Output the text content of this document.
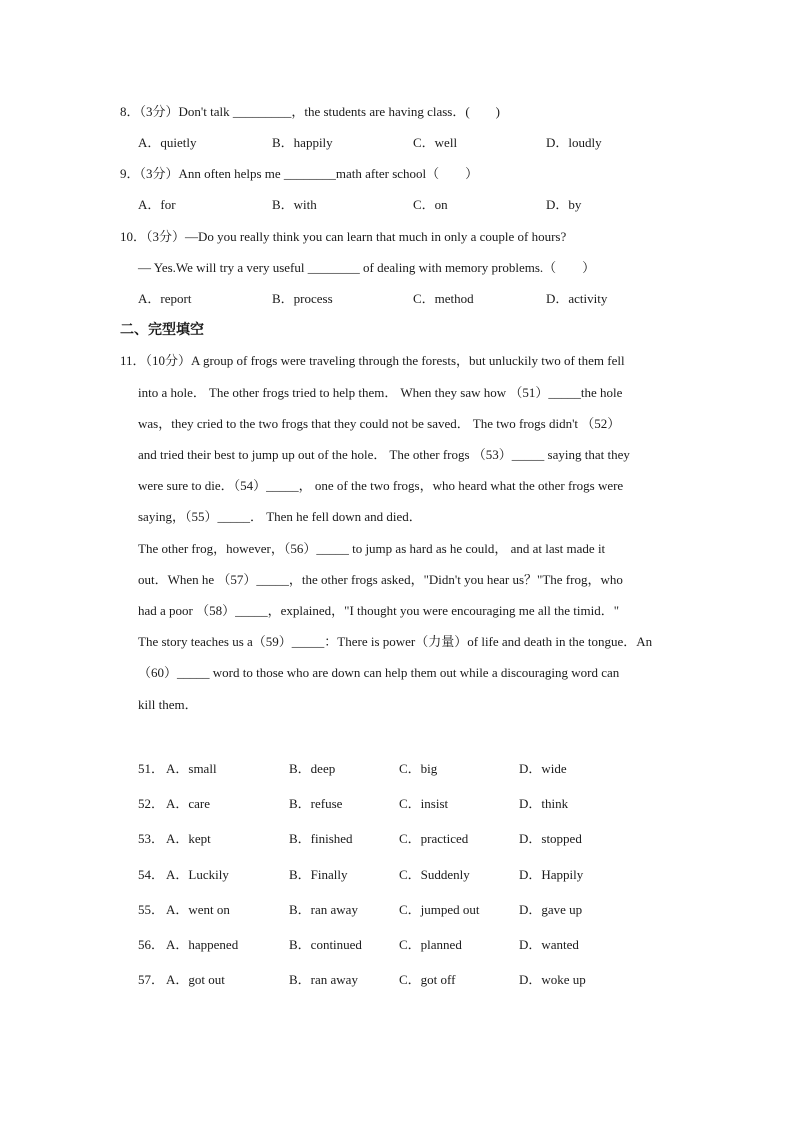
8．（3分）Don't talk _________，the students are having class．(　　)
A．quietly	B．happily	C．well	D．loudly
9．（3分）Ann often helps me ________math after school（　　）
A．for	B．with	C．on	D．by
10．（3分）—Do you really think you can learn that much in only a couple of hours?
— Yes.We will try a very useful ________ of dealing with memory problems.（　　）
A．report	B．process	C．method	D．activity
二、完型填空
11．（10分）A group of frogs were traveling through the forests，but unluckily two of them fell
into a hole． The other frogs tried to help them． When they saw how （51）_____the hole
was，they cried to the two frogs that they could not be saved． The two frogs didn't （52）
and tried their best to jump up out of the hole． The other frogs （53）_____ saying that they
were sure to die．（54）_____， one of the two frogs，who heard what the other frogs were
saying，（55）_____． Then he fell down and died．
The other frog，however，（56）_____ to jump as hard as he could， and at last made it
out．When he （57）_____，the other frogs asked，"Didn't you hear us？"The frog，who
had a poor （58）_____，explained，"I thought you were encouraging me all the timid．"
The story teaches us a（59）_____：There is power（力量）of life and death in the tongue．An
（60）_____ word to those who are down can help them out while a discouraging word can
kill them．
51． A．small	B．deep	C．big	D．wide
52． A．care	B．refuse	C．insist	D．think
53． A．kept	B．finished	C．practiced	D．stopped
54． A．Luckily	B．Finally	C．Suddenly	D．Happily
55． A．went on	B．ran away	C．jumped out	D．gave up
56． A．happened	B．continued	C．planned	D．wanted
57． A．got out	B．ran away	C．got off	D．woke up
